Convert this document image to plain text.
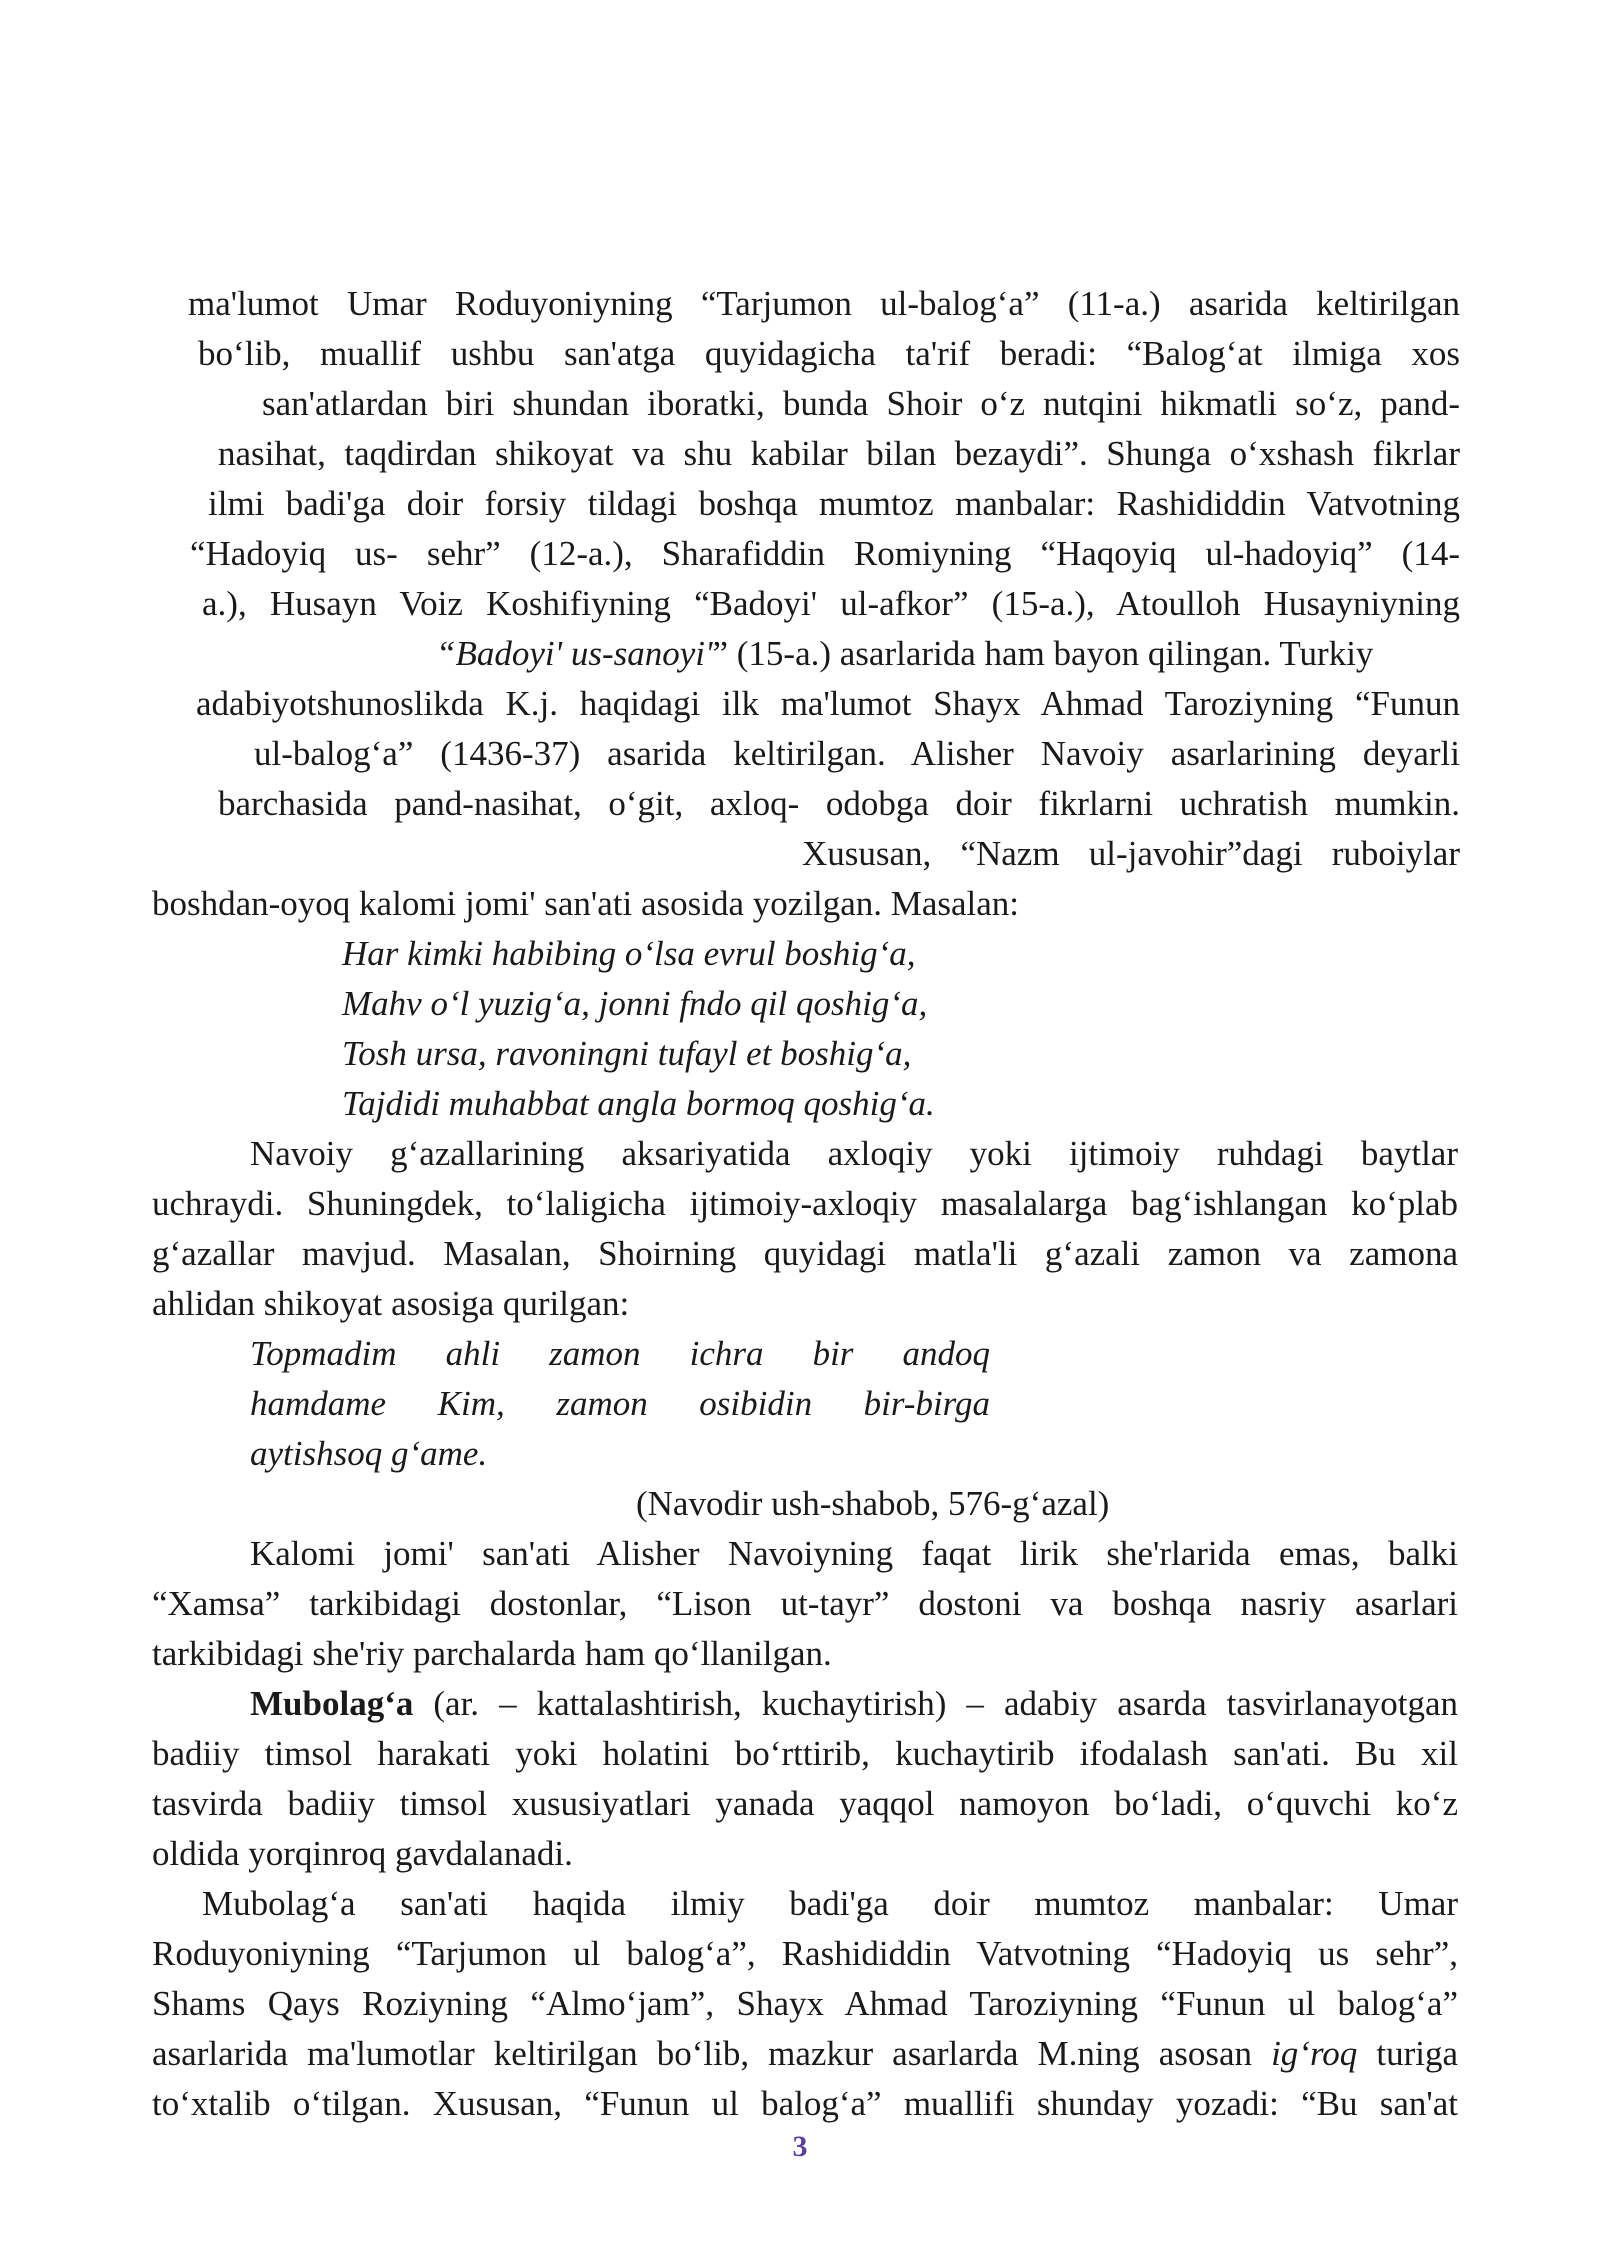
ma'lumot Umar Roduyoniyning “Tarjumon ul-balog‘a” (11-a.) asarida keltirilgan
bo‘lib, muallif ushbu san'atga quyidagicha ta'rif beradi: “Balog‘at ilmiga xos
san'atlardan biri shundan iboratki, bunda Shoir o‘z nutqini hikmatli so‘z, pand-
nasihat, taqdirdan shikoyat va shu kabilar bilan bezaydi”. Shunga o‘xshash fikrlar
ilmi badi'ga doir forsiy tildagi boshqa mumtoz manbalar: Rashididdin Vatvotning
“Hadoyiq us- sehr” (12-a.), Sharafiddin Romiyning “Haqoyiq ul-hadoyiq” (14-
a.), Husayn Voiz Koshifiyning “Badoyi' ul-afkor” (15-a.), Atoulloh Husayniyning
“Badoyi' us-sanoyi'” (15-a.) asarlarida ham bayon qilingan. Turkiy
adabiyotshunoslikda K.j. haqidagi ilk ma'lumot Shayx Ahmad Taroziyning “Funun
ul-balog‘a” (1436-37) asarida keltirilgan. Alisher Navoiy asarlarining deyarli
barchasida pand-nasihat, o‘git, axloq- odobga doir fikrlarni uchratish mumkin.
Xususan, “Nazm ul-javohir”dagi ruboiylar
boshdan-oyoq kalomi jomi' san'ati asosida yozilgan. Masalan:
Har kimki habibing o‘lsa evrul boshig‘a,
Mahv o‘l yuzig‘a, jonni fndo qil qoshig‘a,
Tosh ursa, ravoningni tufayl et boshig‘a,
Tajdidi muhabbat angla bormoq qoshig‘a.
Navoiy g‘azallarining aksariyatida axloqiy yoki ijtimoiy ruhdagi baytlar
uchraydi. Shuningdek, to‘laligicha ijtimoiy-axloqiy masalalarga bag‘ishlangan ko‘plab
g‘azallar mavjud. Masalan, Shoirning quyidagi matla'li g‘azali zamon va zamona
ahlidan shikoyat asosiga qurilgan:
Topmadim ahli zamon ichra bir andoq
hamdame Kim, zamon osibidin bir-birga
aytishsoq g‘ame.
(Navodir ush-shabob, 576-g‘azal)
Kalomi jomi' san'ati Alisher Navoiyning faqat lirik she'rlarida emas, balki
“Xamsa” tarkibidagi dostonlar, “Lison ut-tayr” dostoni va boshqa nasriy asarlari
tarkibidagi she'riy parchalarda ham qo‘llanilgan.
Mubolag‘a (ar. – kattalashtirish, kuchaytirish) – adabiy asarda tasvirlanayotgan
badiiy timsol harakati yoki holatini bo‘rttirib, kuchaytirib ifodalash san'ati. Bu xil
tasvirda badiiy timsol xususiyatlari yanada yaqqol namoyon bo‘ladi, o‘quvchi ko‘z
oldida yorqinroq gavdalanadi.
Mubolag‘a san'ati haqida ilmiy badi'ga doir mumtoz manbalar: Umar
Roduyoniyning “Tarjumon ul balog‘a”, Rashididdin Vatvotning “Hadoyiq us sehr”,
Shams Qays Roziyning “Almo‘jam”, Shayx Ahmad Taroziyning “Funun ul balog‘a”
asarlarida ma'lumotlar keltirilgan bo‘lib, mazkur asarlarda M.ning asosan ig‘roq turiga
to‘xtalib o‘tilgan. Xususan, “Funun ul balog‘a” muallifi shunday yozadi: “Bu san'at
3
